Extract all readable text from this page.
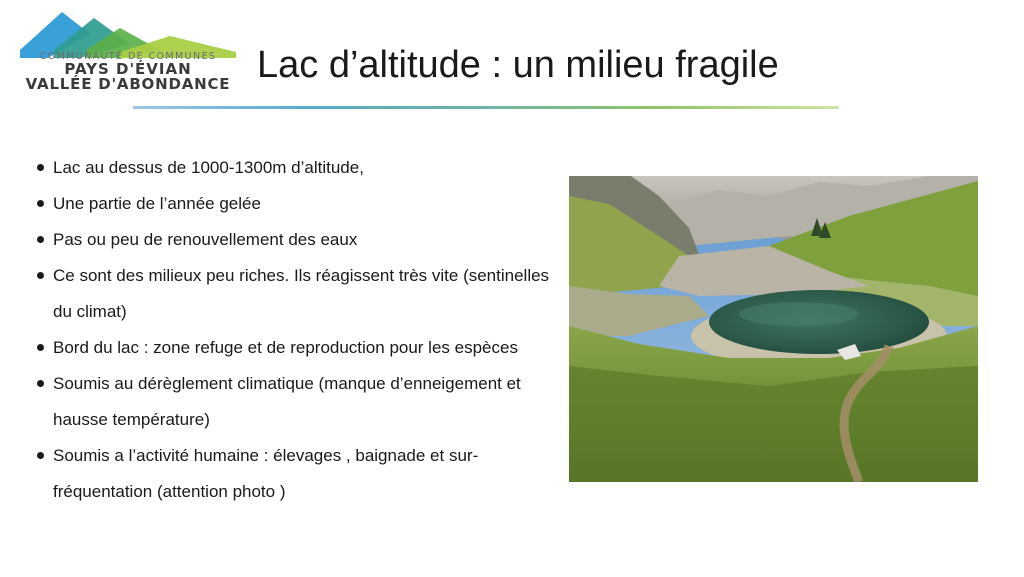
COMMUNAUTÉ DE COMMUNES
PAYS D'ÉVIAN
VALLÉE D'ABONDANCE Lac d’altitude : un milieu fragile
Lac au dessus de 1000-1300m d’altitude,
Une partie de l’année gelée
Pas ou peu de renouvellement des eaux
Ce sont des milieux peu riches. Ils réagissent très vite (sentinelles du climat)
Bord du lac : zone refuge et de reproduction pour les espèces
Soumis au dérèglement climatique (manque d’enneigement et hausse température)
Soumis a l’activité humaine : élevages , baignade et sur-fréquentation (attention photo )
